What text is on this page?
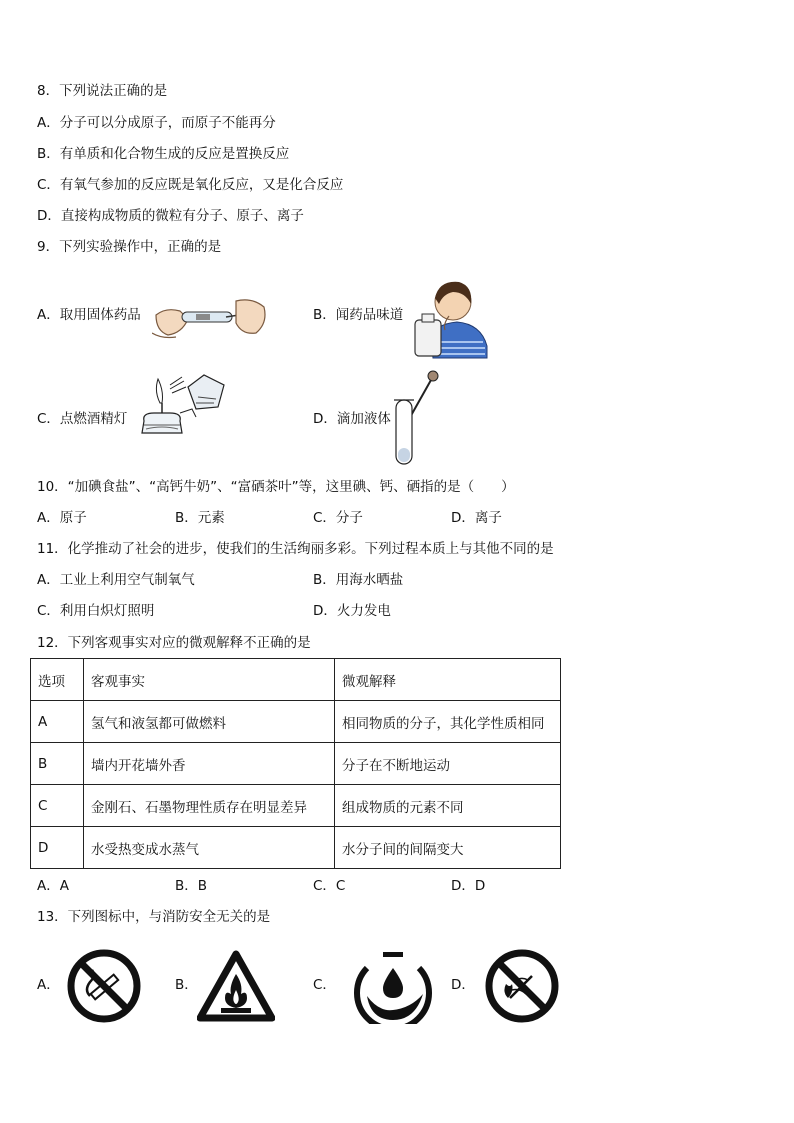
8．下列说法正确的是
A．分子可以分成原子，而原子不能再分
B．有单质和化合物生成的反应是置换反应
C．有氧气参加的反应既是氧化反应，又是化合反应
D．直接构成物质的微粒有分子、原子、离子
9．下列实验操作中，正确的是
A．取用固体药品	B．闻药品味道
C．点燃酒精灯	D．滴加液体
10．“加碘食盐”、“高钙牛奶”、“富硒茶叶”等，这里碘、钙、硒指的是（　　）
A．原子	B．元素	C．分子	D．离子
11．化学推动了社会的进步，使我们的生活绚丽多彩。下列过程本质上与其他不同的是
A．工业上利用空气制氧气	B．用海水晒盐
C．利用白炽灯照明	D．火力发电
12．下列客观事实对应的微观解释不正确的是
选项	客观事实	微观解释
A	氢气和液氢都可做燃料	相同物质的分子，其化学性质相同
B	墙内开花墙外香	分子在不断地运动
C	金刚石、石墨物理性质存在明显差异	组成物质的元素不同
D	水受热变成水蒸气	水分子间的间隔变大
A．A	B．B	C．C	D．D
13．下列图标中，与消防安全无关的是
A．	B．	C．	D．
